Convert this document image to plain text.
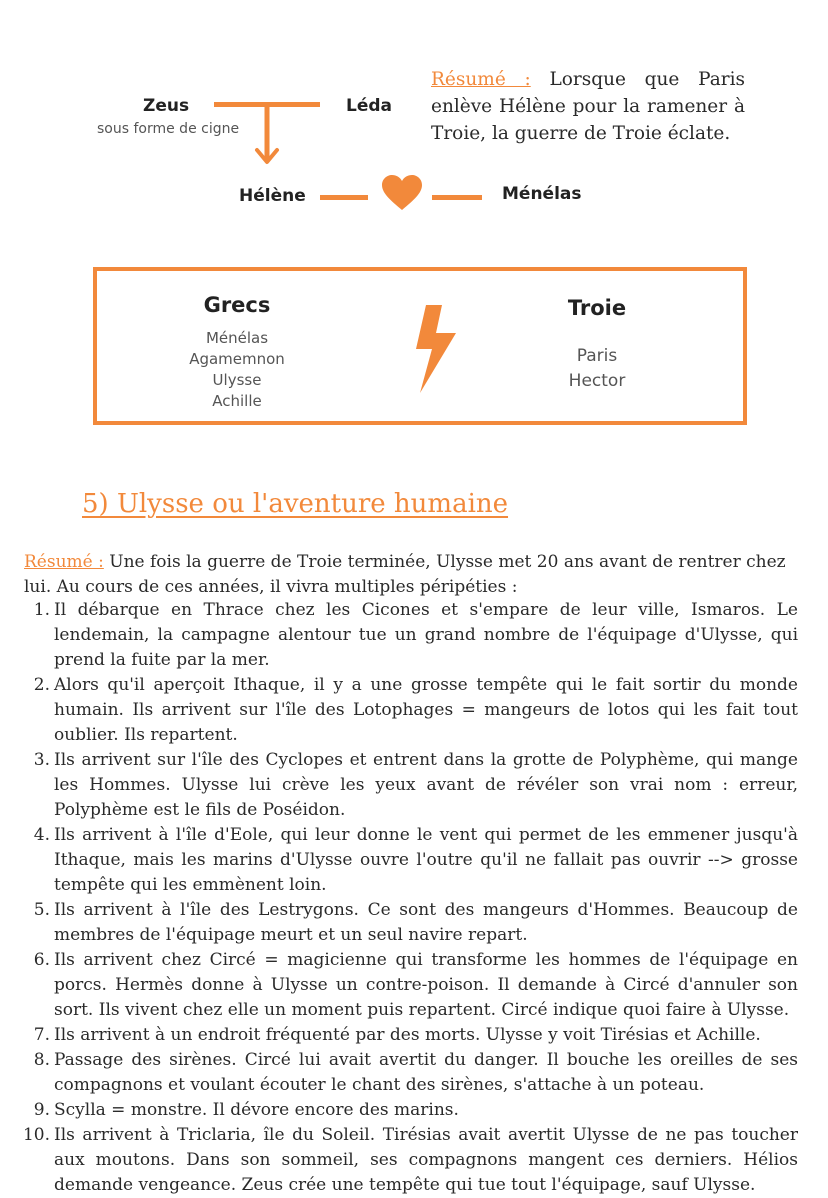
Zeus
sous forme de cigne
Léda
Hélène	Ménélas

Résumé : Lorsque que Paris enlève Hélène pour la ramener à Troie, la guerre de Troie éclate.

Grecs
Ménélas
Agamemnon
Ulysse
Achille
Troie
Paris
Hector
5) Ulysse ou l'aventure humaine

Résumé : Une fois la guerre de Troie terminée, Ulysse met 20 ans avant de rentrer chez lui. Au cours de ces années, il vivra multiples péripéties :

1. Il débarque en Thrace chez les Cicones et s'empare de leur ville, Ismaros. Le lendemain, la campagne alentour tue un grand nombre de l'équipage d'Ulysse, qui prend la fuite par la mer.
2. Alors qu'il aperçoit Ithaque, il y a une grosse tempête qui le fait sortir du monde humain. Ils arrivent sur l'île des Lotophages = mangeurs de lotos qui les fait tout oublier. Ils repartent.
3. Ils arrivent sur l'île des Cyclopes et entrent dans la grotte de Polyphème, qui mange les Hommes. Ulysse lui crève les yeux avant de révéler son vrai nom : erreur, Polyphème est le fils de Poséidon.
4. Ils arrivent à l'île d'Eole, qui leur donne le vent qui permet de les emmener jusqu'à Ithaque, mais les marins d'Ulysse ouvre l'outre qu'il ne fallait pas ouvrir --> grosse tempête qui les emmènent loin.
5. Ils arrivent à l'île des Lestrygons. Ce sont des mangeurs d'Hommes. Beaucoup de membres de l'équipage meurt et un seul navire repart.
6. Ils arrivent chez Circé = magicienne qui transforme les hommes de l'équipage en porcs. Hermès donne à Ulysse un contre-poison. Il demande à Circé d'annuler son sort. Ils vivent chez elle un moment puis repartent. Circé indique quoi faire à Ulysse.
7. Ils arrivent à un endroit fréquenté par des morts. Ulysse y voit Tirésias et Achille.
8. Passage des sirènes. Circé lui avait avertit du danger. Il bouche les oreilles de ses compagnons et voulant écouter le chant des sirènes, s'attache à un poteau.
9. Scylla = monstre. Il dévore encore des marins.
10. Ils arrivent à Triclaria, île du Soleil. Tirésias avait avertit Ulysse de ne pas toucher aux moutons. Dans son sommeil, ses compagnons mangent ces derniers. Hélios demande vengeance. Zeus crée une tempête qui tue tout l'équipage, sauf Ulysse.
